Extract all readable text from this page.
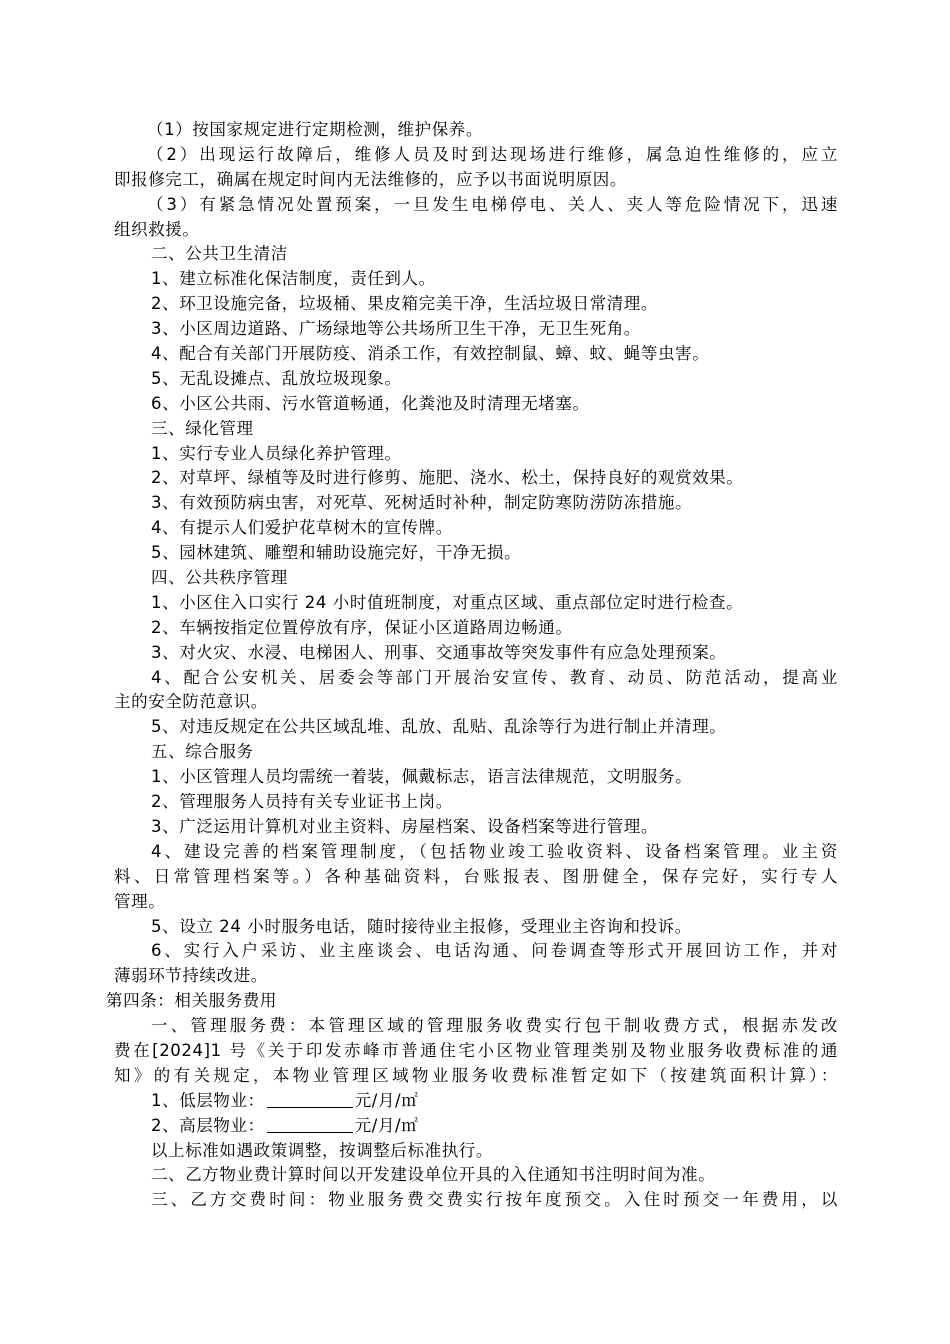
（1）按国家规定进行定期检测，维护保养。
（2）出现运行故障后，维修人员及时到达现场进行维修，属急迫性维修的，应立
即报修完工，确属在规定时间内无法维修的，应予以书面说明原因。
（3）有紧急情况处置预案，一旦发生电梯停电、关人、夹人等危险情况下，迅速
组织救援。
二、公共卫生清洁
1、建立标准化保洁制度，责任到人。
2、环卫设施完备，垃圾桶、果皮箱完美干净，生活垃圾日常清理。
3、小区周边道路、广场绿地等公共场所卫生干净，无卫生死角。
4、配合有关部门开展防疫、消杀工作，有效控制鼠、蟑、蚊、蝇等虫害。
5、无乱设摊点、乱放垃圾现象。
6、小区公共雨、污水管道畅通，化粪池及时清理无堵塞。
三、绿化管理
1、实行专业人员绿化养护管理。
2、对草坪、绿植等及时进行修剪、施肥、浇水、松土，保持良好的观赏效果。
3、有效预防病虫害，对死草、死树适时补种，制定防寒防涝防冻措施。
4、有提示人们爱护花草树木的宣传牌。
5、园林建筑、雕塑和辅助设施完好，干净无损。
四、公共秩序管理
1、小区住入口实行 24 小时值班制度，对重点区域、重点部位定时进行检查。
2、车辆按指定位置停放有序，保证小区道路周边畅通。
3、对火灾、水浸、电梯困人、刑事、交通事故等突发事件有应急处理预案。
4、配合公安机关、居委会等部门开展治安宣传、教育、动员、防范活动，提高业
主的安全防范意识。
5、对违反规定在公共区域乱堆、乱放、乱贴、乱涂等行为进行制止并清理。
五、综合服务
1、小区管理人员均需统一着装，佩戴标志，语言法律规范，文明服务。
2、管理服务人员持有关专业证书上岗。
3、广泛运用计算机对业主资料、房屋档案、设备档案等进行管理。
4、建设完善的档案管理制度，（包括物业竣工验收资料、设备档案管理。业主资
料、日常管理档案等。）各种基础资料，台账报表、图册健全，保存完好，实行专人
管理。
5、设立 24 小时服务电话，随时接待业主报修，受理业主咨询和投诉。
6、实行入户采访、业主座谈会、电话沟通、问卷调查等形式开展回访工作，并对
薄弱环节持续改进。
第四条：相关服务费用
一、管理服务费：本管理区域的管理服务收费实行包干制收费方式，根据赤发改
费在[2024]1 号《关于印发赤峰市普通住宅小区物业管理类别及物业服务收费标准的通
知》的有关规定，本物业管理区域物业服务收费标准暂定如下（按建筑面积计算）：
1、低层物业：	元/月/㎡
2、高层物业：	元/月/㎡
以上标准如遇政策调整，按调整后标准执行。
二、乙方物业费计算时间以开发建设单位开具的入住通知书注明时间为准。
三、乙方交费时间：物业服务费交费实行按年度预交。入住时预交一年费用，以
